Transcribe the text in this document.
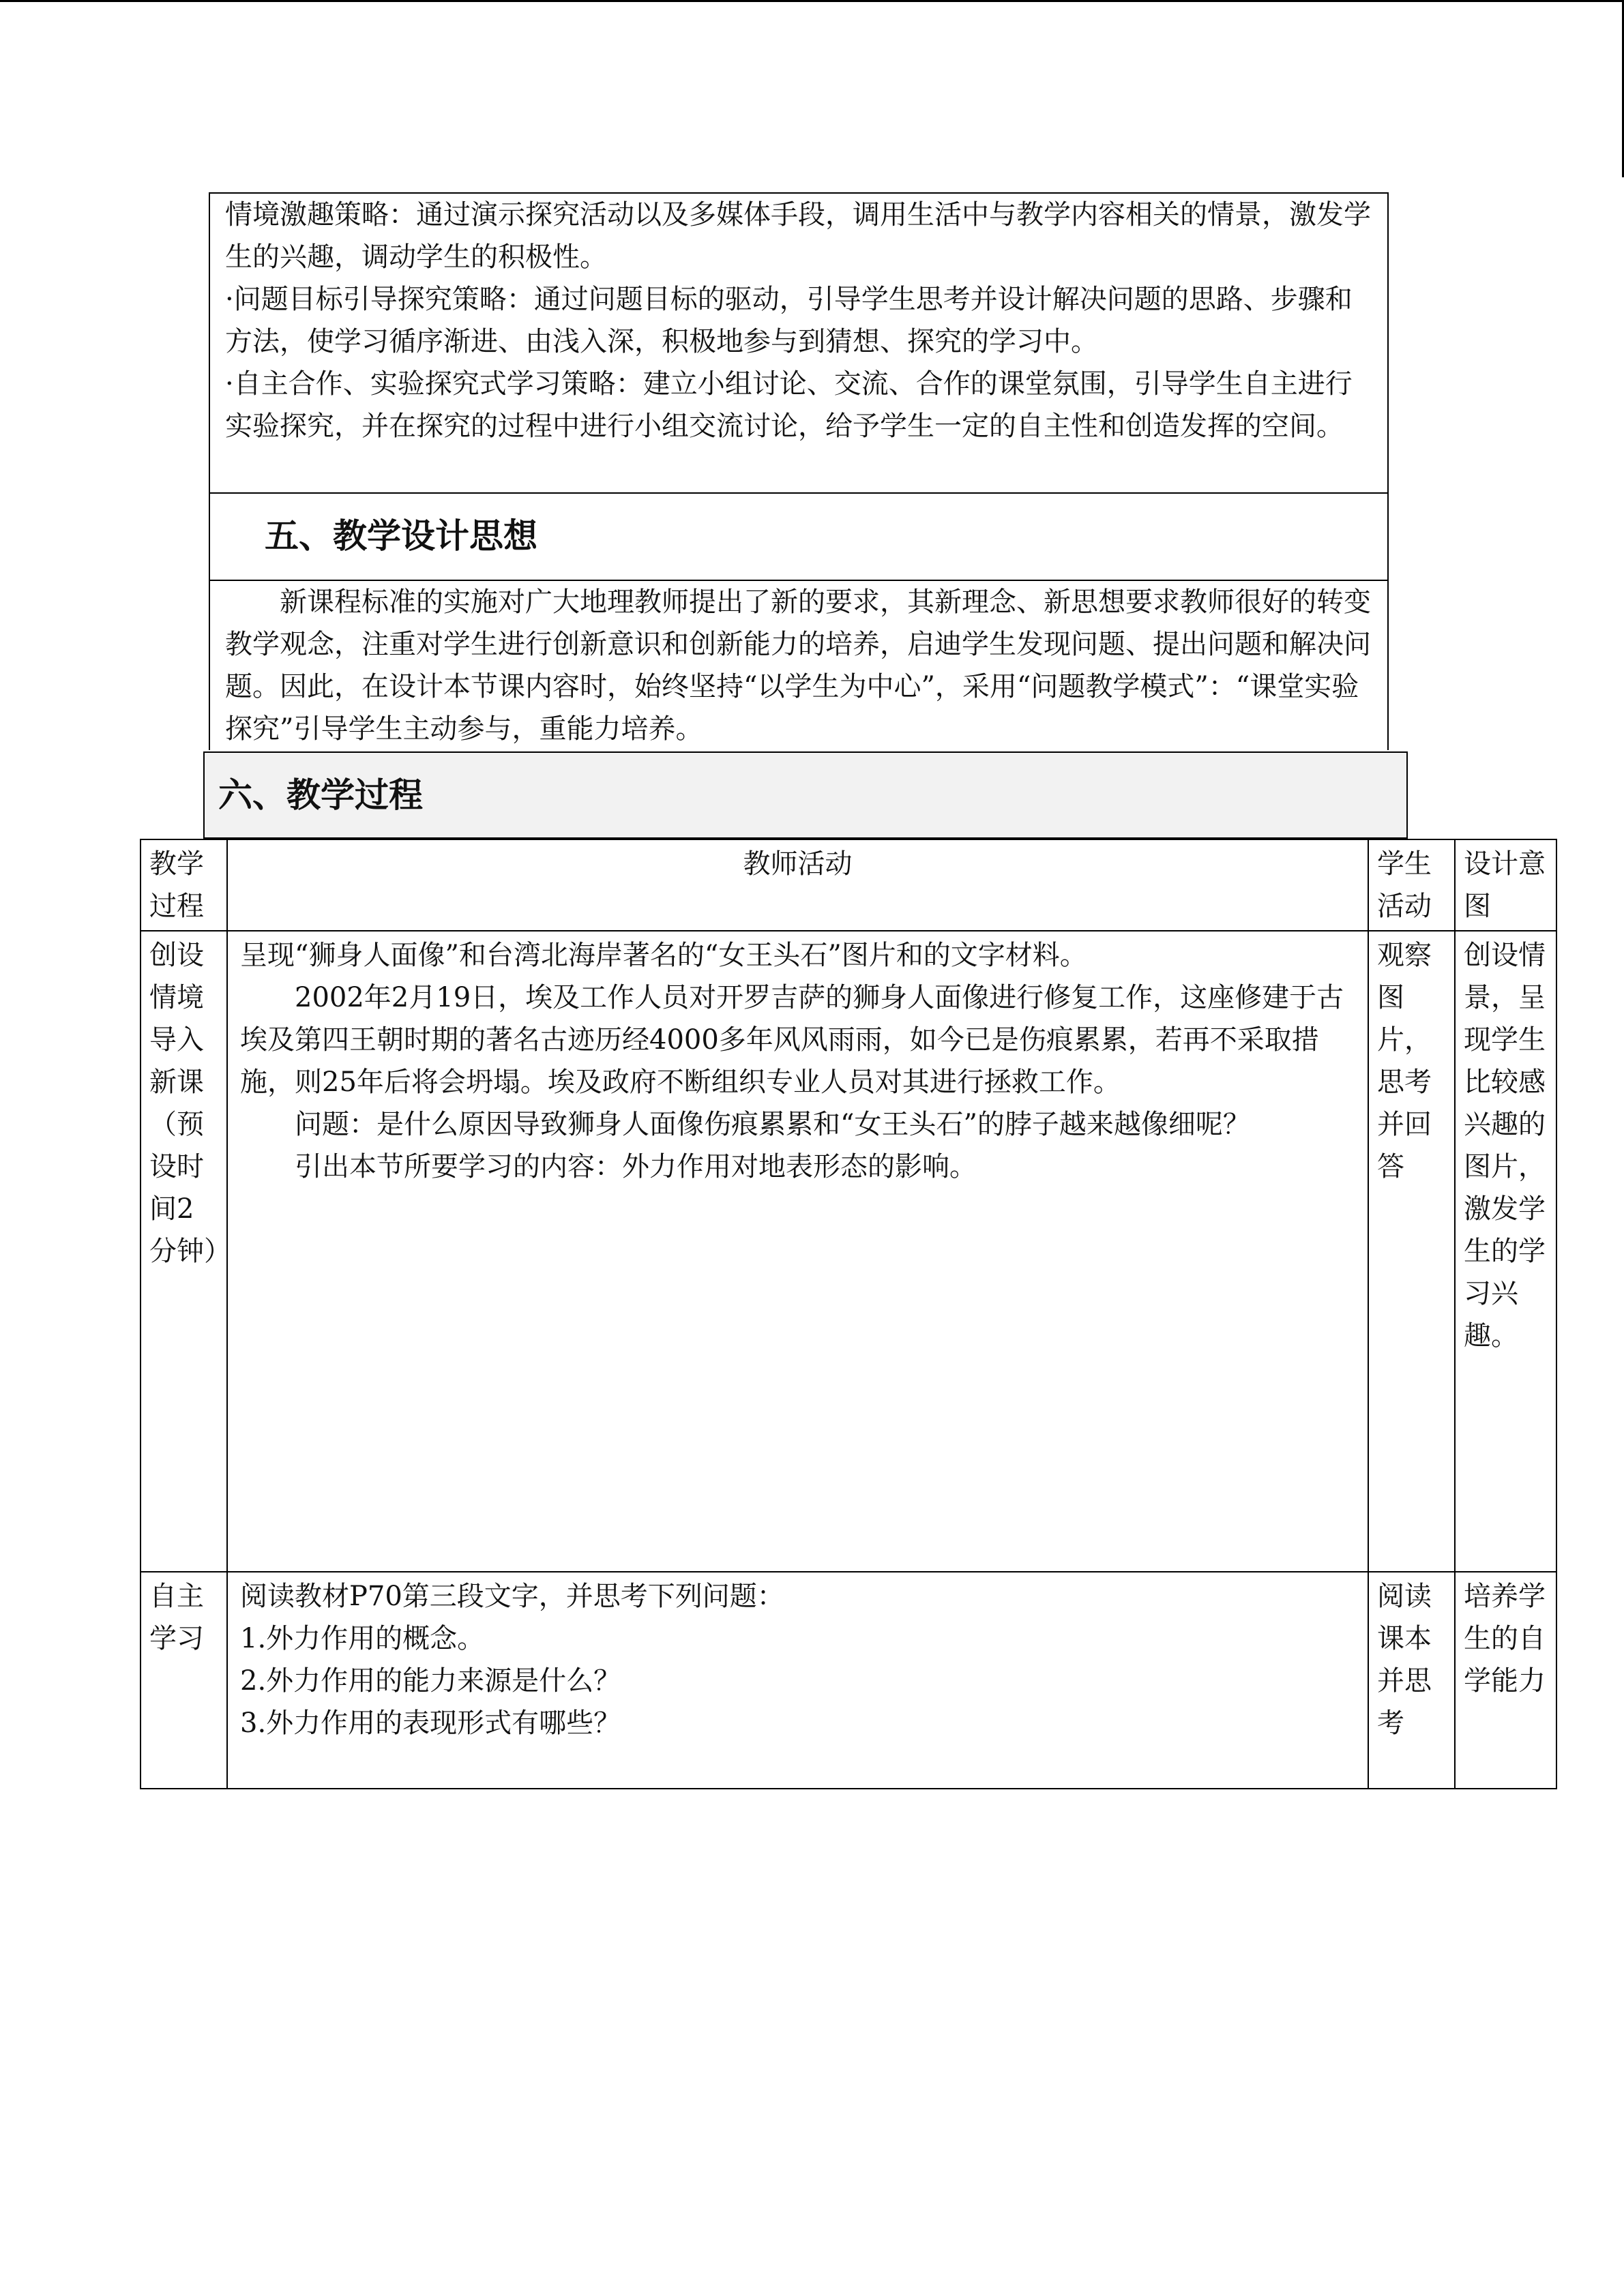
情境激趣策略：通过演示探究活动以及多媒体手段，调用生活中与教学内容相关的情景，激发学生的兴趣，调动学生的积极性。

·问题目标引导探究策略：通过问题目标的驱动，引导学生思考并设计解决问题的思路、步骤和方法，使学习循序渐进、由浅入深，积极地参与到猜想、探究的学习中。

·自主合作、实验探究式学习策略：建立小组讨论、交流、合作的课堂氛围，引导学生自主进行实验探究，并在探究的过程中进行小组交流讨论，给予学生一定的自主性和创造发挥的空间。

五、教学设计思想

新课程标准的实施对广大地理教师提出了新的要求，其新理念、新思想要求教师很好的转变教学观念，注重对学生进行创新意识和创新能力的培养，启迪学生发现问题、提出问题和解决问题。因此，在设计本节课内容时，始终坚持“以学生为中心”，采用“问题教学模式”：“课堂实验探究”引导学生主动参与，重能力培养。

六、教学过程
教学过程	教师活动	学生活动	设计意图
创设情境导入新课（预设时间2分钟）	呈现“狮身人面像”和台湾北海岸著名的“女王头石”图片和的文字材料。

2002年2月19日，埃及工作人员对开罗吉萨的狮身人面像进行修复工作，这座修建于古埃及第四王朝时期的著名古迹历经4000多年风风雨雨，如今已是伤痕累累，若再不采取措施，则25年后将会坍塌。埃及政府不断组织专业人员对其进行拯救工作。

问题：是什么原因导致狮身人面像伤痕累累和“女王头石”的脖子越来越像细呢？

引出本节所要学习的内容：外力作用对地表形态的影响。	观察图片，思考并回答	创设情景，呈现学生比较感兴趣的图片，激发学生的学习兴趣。
自主学习	阅读教材P70第三段文字，并思考下列问题：

1.外力作用的概念。

2.外力作用的能力来源是什么？

3.外力作用的表现形式有哪些？	阅读课本并思考	培养学生的自学能力
